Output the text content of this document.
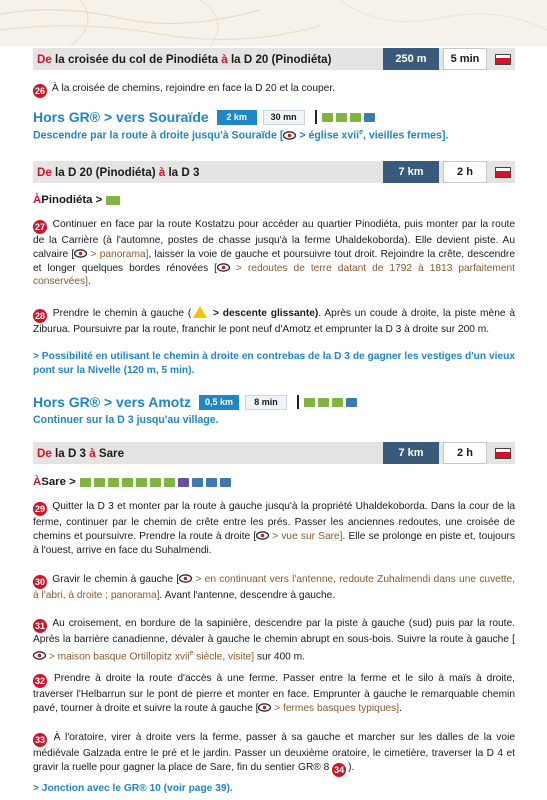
De la croisée du col de Pinodiéta à la D 20 (Pinodiéta)	250 m	5 min
26 À la croisée de chemins, rejoindre en face la D 20 et la couper.
Hors GR® > vers Souraïde	2 km	30 mn
Descendre par la route à droite jusqu'à Souraïde [ > église xvii$^e$, vieilles fermes].
De la D 20 (Pinodiéta) à la D 3	7 km	2 h
À Pinodiéta >
27 Continuer en face par la route Kostatzu pour accéder au quartier Pinodiéta, puis monter par la route de la Carrière (à l'automne, postes de chasse jusqu'à la ferme Uhaldekoborda). Elle devient piste. Au calvaire [ > panorama], laisser la voie de gauche et poursuivre tout droit. Rejoindre la crête, descendre et longer quelques bordes rénovées [ > redoutes de terre datant de 1792 à 1813 parfaitement conservées].
28 Prendre le chemin à gauche ( > descente glissante). Après un coude à droite, la piste mène à Ziburua. Poursuivre par la route, franchir le pont neuf d'Amotz et emprunter la D 3 à droite sur 200 m.
> Possibilité en utilisant le chemin à droite en contrebas de la D 3 de gagner les vestiges d'un vieux pont sur la Nivelle (120 m, 5 min).
Hors GR® > vers Amotz	0,5 km	8 min
Continuer sur la D 3 jusqu'au village.
De la D 3 à Sare	7 km	2 h
À Sare >
29 Quitter la D 3 et monter par la route à gauche jusqu'à la propriété Uhaldekoborda. Dans la cour de la ferme, continuer par le chemin de crête entre les prés. Passer les anciennes redoutes, une croisée de chemins et poursuivre. Prendre la route à droite [ > vue sur Sare]. Elle se prolonge en piste et, toujours à l'ouest, arrive en face du Suhalmendi.
30 Gravir le chemin à gauche [ > en continuant vers l'antenne, redoute Zuhalmendi dans une cuvette, à l'abri, à droite ; panorama]. Avant l'antenne, descendre à gauche.
31 Au croisement, en bordure de la sapinière, descendre par la piste à gauche (sud) puis par la route. Après la barrière canadienne, dévaler à gauche le chemin abrupt en sous-bois. Suivre la route à gauche [ > maison basque Ortillopitz xvii$^e$ siècle, visite] sur 400 m.
32 Prendre à droite la route d'accès à une ferme. Passer entre la ferme et le silo à maïs à droite, traverser l'Helbarrun sur le pont de pierre et monter en face. Emprunter à gauche le remarquable chemin pavé, tourner à droite et suivre la route à gauche [ > fermes basques typiques].
33 À l'oratoire, virer à droite vers la ferme, passer à sa gauche et marcher sur les dalles de la voie médiévale Galzada entre le pré et le jardin. Passer un deuxième oratoire, le cimetière, traverser la D 4 et gravir la ruelle pour gagner la place de Sare, fin du sentier GR® 8 34 ).
> Jonction avec le GR® 10 (voir page 39).
